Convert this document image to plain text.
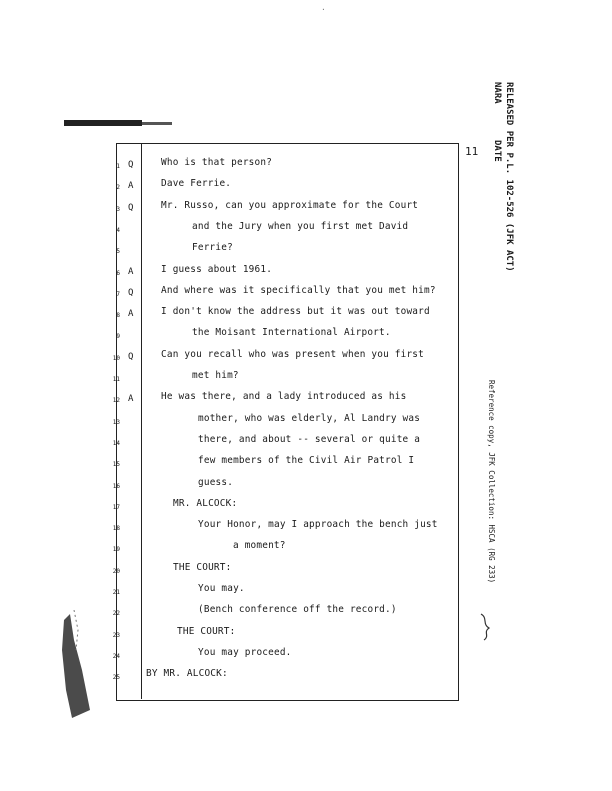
·
RELEASED PER P.L. 102-526 (JFK ACT)
NARA
DATE
11
1 Q	Who is that person?
2 A	Dave Ferrie.
3 Q	Mr. Russo, can you approximate for the Court
4	and the Jury when you first met David
5	Ferrie?
6 A	I guess about 1961.
7 Q	And where was it specifically that you met him?
8 A	I don't know the address but it was out toward
9	the Moisant International Airport.
10 Q	Can you recall who was present when you first
11	met him?
12 A	He was there, and a lady introduced as his
13	mother, who was elderly, Al Landry was
14	there, and about -- several or quite a
15	few members of the Civil Air Patrol I
16	guess.
17	MR. ALCOCK:
18	Your Honor, may I approach the bench just
19	a moment?
20	THE COURT:
21	You may.
22	(Bench conference off the record.)
23	THE COURT:
24	You may proceed.
25	BY MR. ALCOCK:
Reference copy, JFK Collection: HSCA (RG 233)
